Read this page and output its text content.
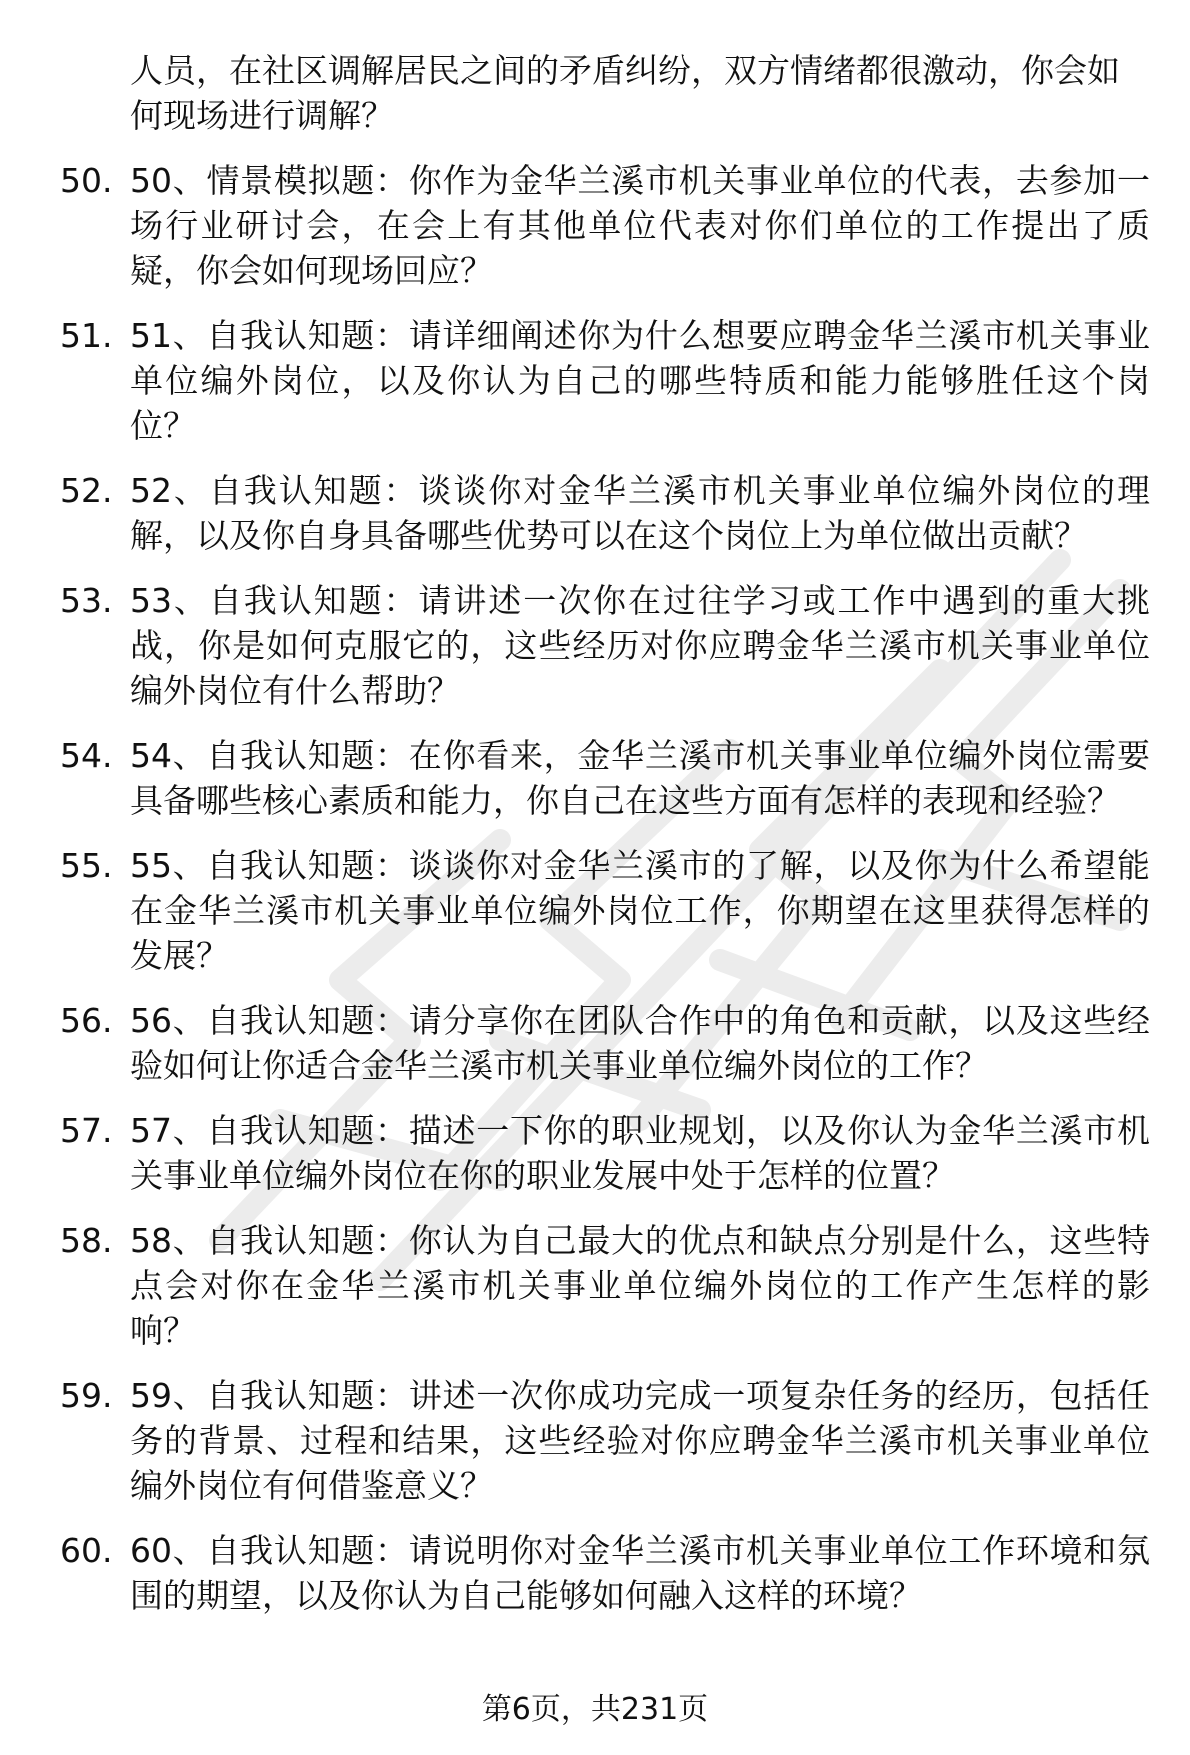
人员，在社区调解居民之间的矛盾纠纷，双方情绪都很激动，你会如何现场进行调解？

50. 50、情景模拟题：你作为金华兰溪市机关事业单位的代表，去参加一场行业研讨会，在会上有其他单位代表对你们单位的工作提出了质疑，你会如何现场回应？
51. 51、自我认知题：请详细阐述你为什么想要应聘金华兰溪市机关事业单位编外岗位，以及你认为自己的哪些特质和能力能够胜任这个岗位？
52. 52、自我认知题：谈谈你对金华兰溪市机关事业单位编外岗位的理解，以及你自身具备哪些优势可以在这个岗位上为单位做出贡献？
53. 53、自我认知题：请讲述一次你在过往学习或工作中遇到的重大挑战，你是如何克服它的，这些经历对你应聘金华兰溪市机关事业单位编外岗位有什么帮助？
54. 54、自我认知题：在你看来，金华兰溪市机关事业单位编外岗位需要具备哪些核心素质和能力，你自己在这些方面有怎样的表现和经验？
55. 55、自我认知题：谈谈你对金华兰溪市的了解，以及你为什么希望能在金华兰溪市机关事业单位编外岗位工作，你期望在这里获得怎样的发展？
56. 56、自我认知题：请分享你在团队合作中的角色和贡献，以及这些经验如何让你适合金华兰溪市机关事业单位编外岗位的工作？
57. 57、自我认知题：描述一下你的职业规划，以及你认为金华兰溪市机关事业单位编外岗位在你的职业发展中处于怎样的位置？
58. 58、自我认知题：你认为自己最大的优点和缺点分别是什么，这些特点会对你在金华兰溪市机关事业单位编外岗位的工作产生怎样的影响？
59. 59、自我认知题：讲述一次你成功完成一项复杂任务的经历，包括任务的背景、过程和结果，这些经验对你应聘金华兰溪市机关事业单位编外岗位有何借鉴意义？
60. 60、自我认知题：请说明你对金华兰溪市机关事业单位工作环境和氛围的期望，以及你认为自己能够如何融入这样的环境？
第6页，共231页
